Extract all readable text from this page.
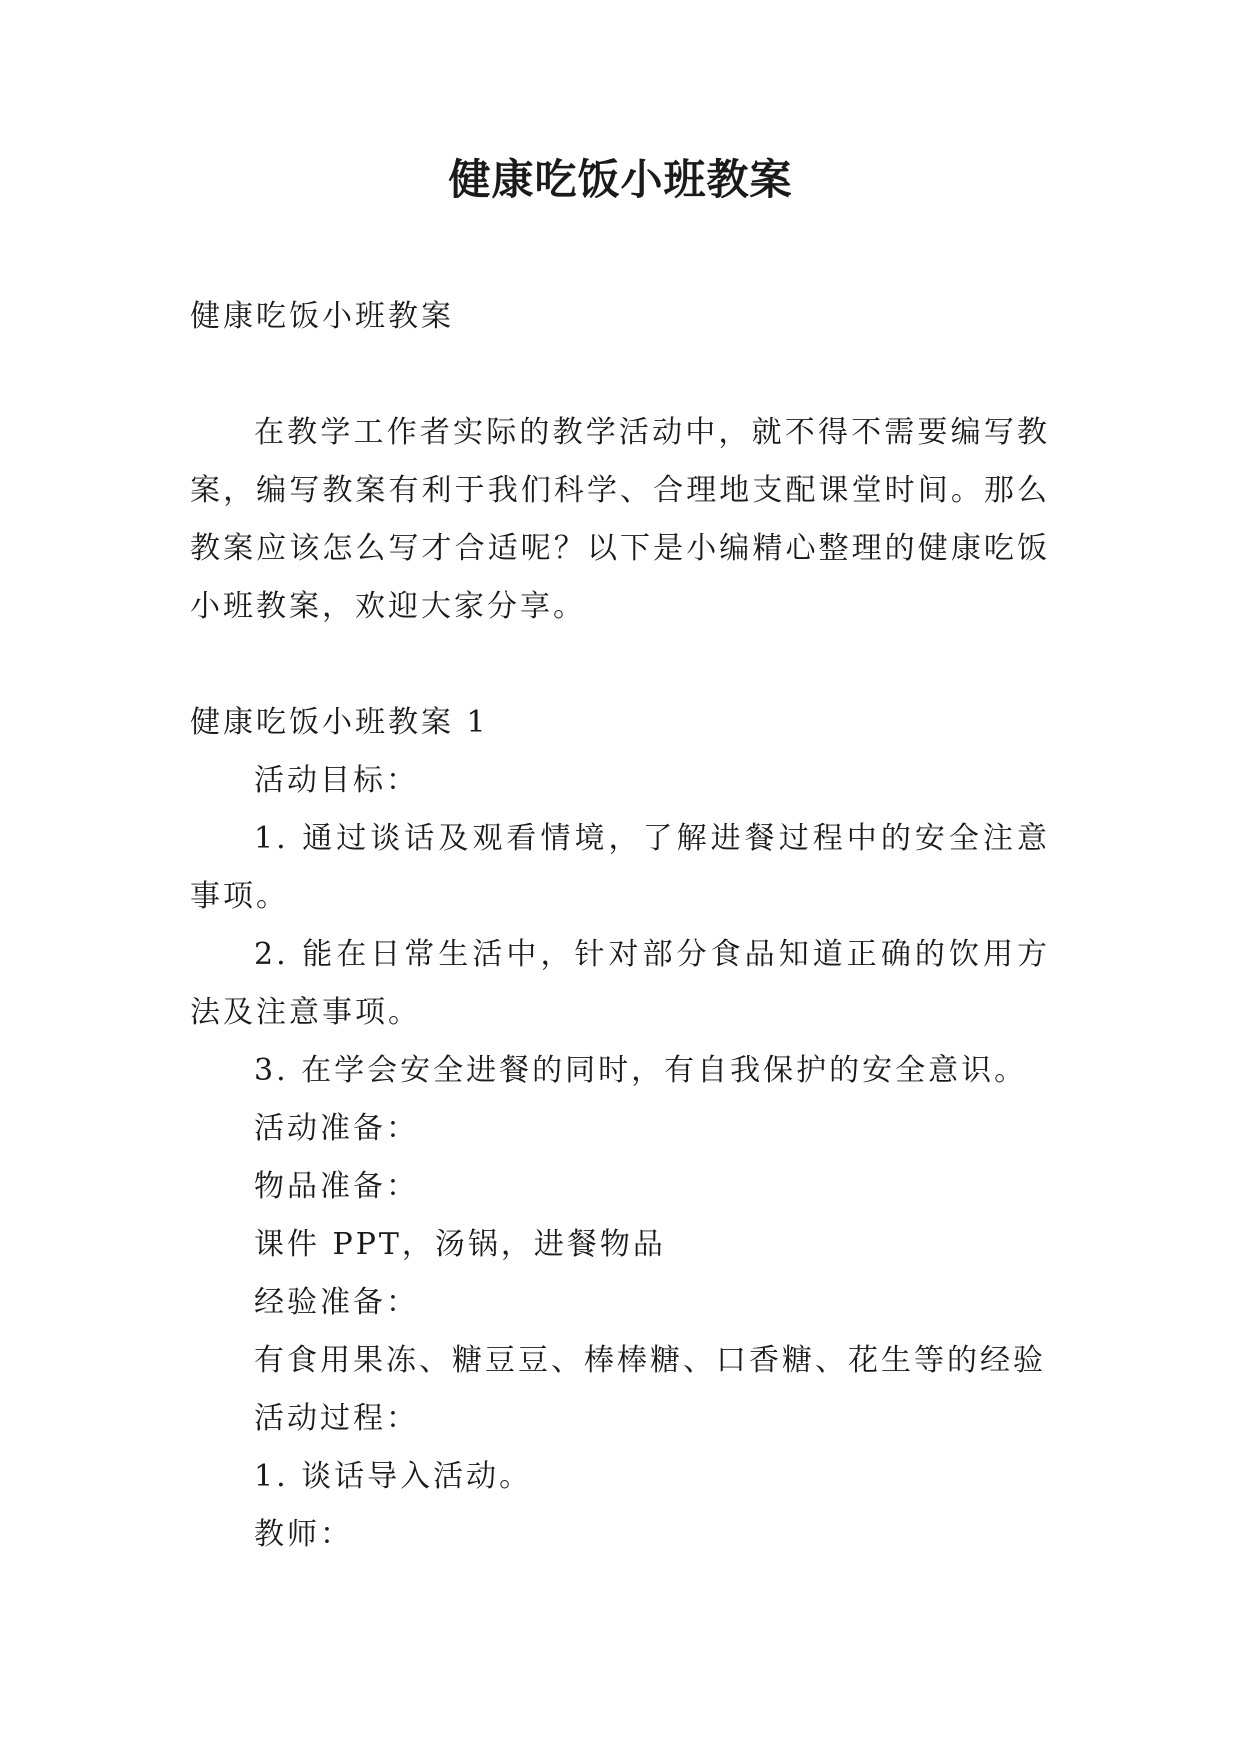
健康吃饭小班教案
健康吃饭小班教案
在教学工作者实际的教学活动中，就不得不需要编写教案，编写教案有利于我们科学、合理地支配课堂时间。那么教案应该怎么写才合适呢？以下是小编精心整理的健康吃饭小班教案，欢迎大家分享。
健康吃饭小班教案 1
活动目标：
1. 通过谈话及观看情境，了解进餐过程中的安全注意事项。
2. 能在日常生活中，针对部分食品知道正确的饮用方法及注意事项。
3. 在学会安全进餐的同时，有自我保护的安全意识。
活动准备：
物品准备：
课件 PPT，汤锅，进餐物品
经验准备：
有食用果冻、糖豆豆、棒棒糖、口香糖、花生等的经验
活动过程：
1. 谈话导入活动。
教师：
